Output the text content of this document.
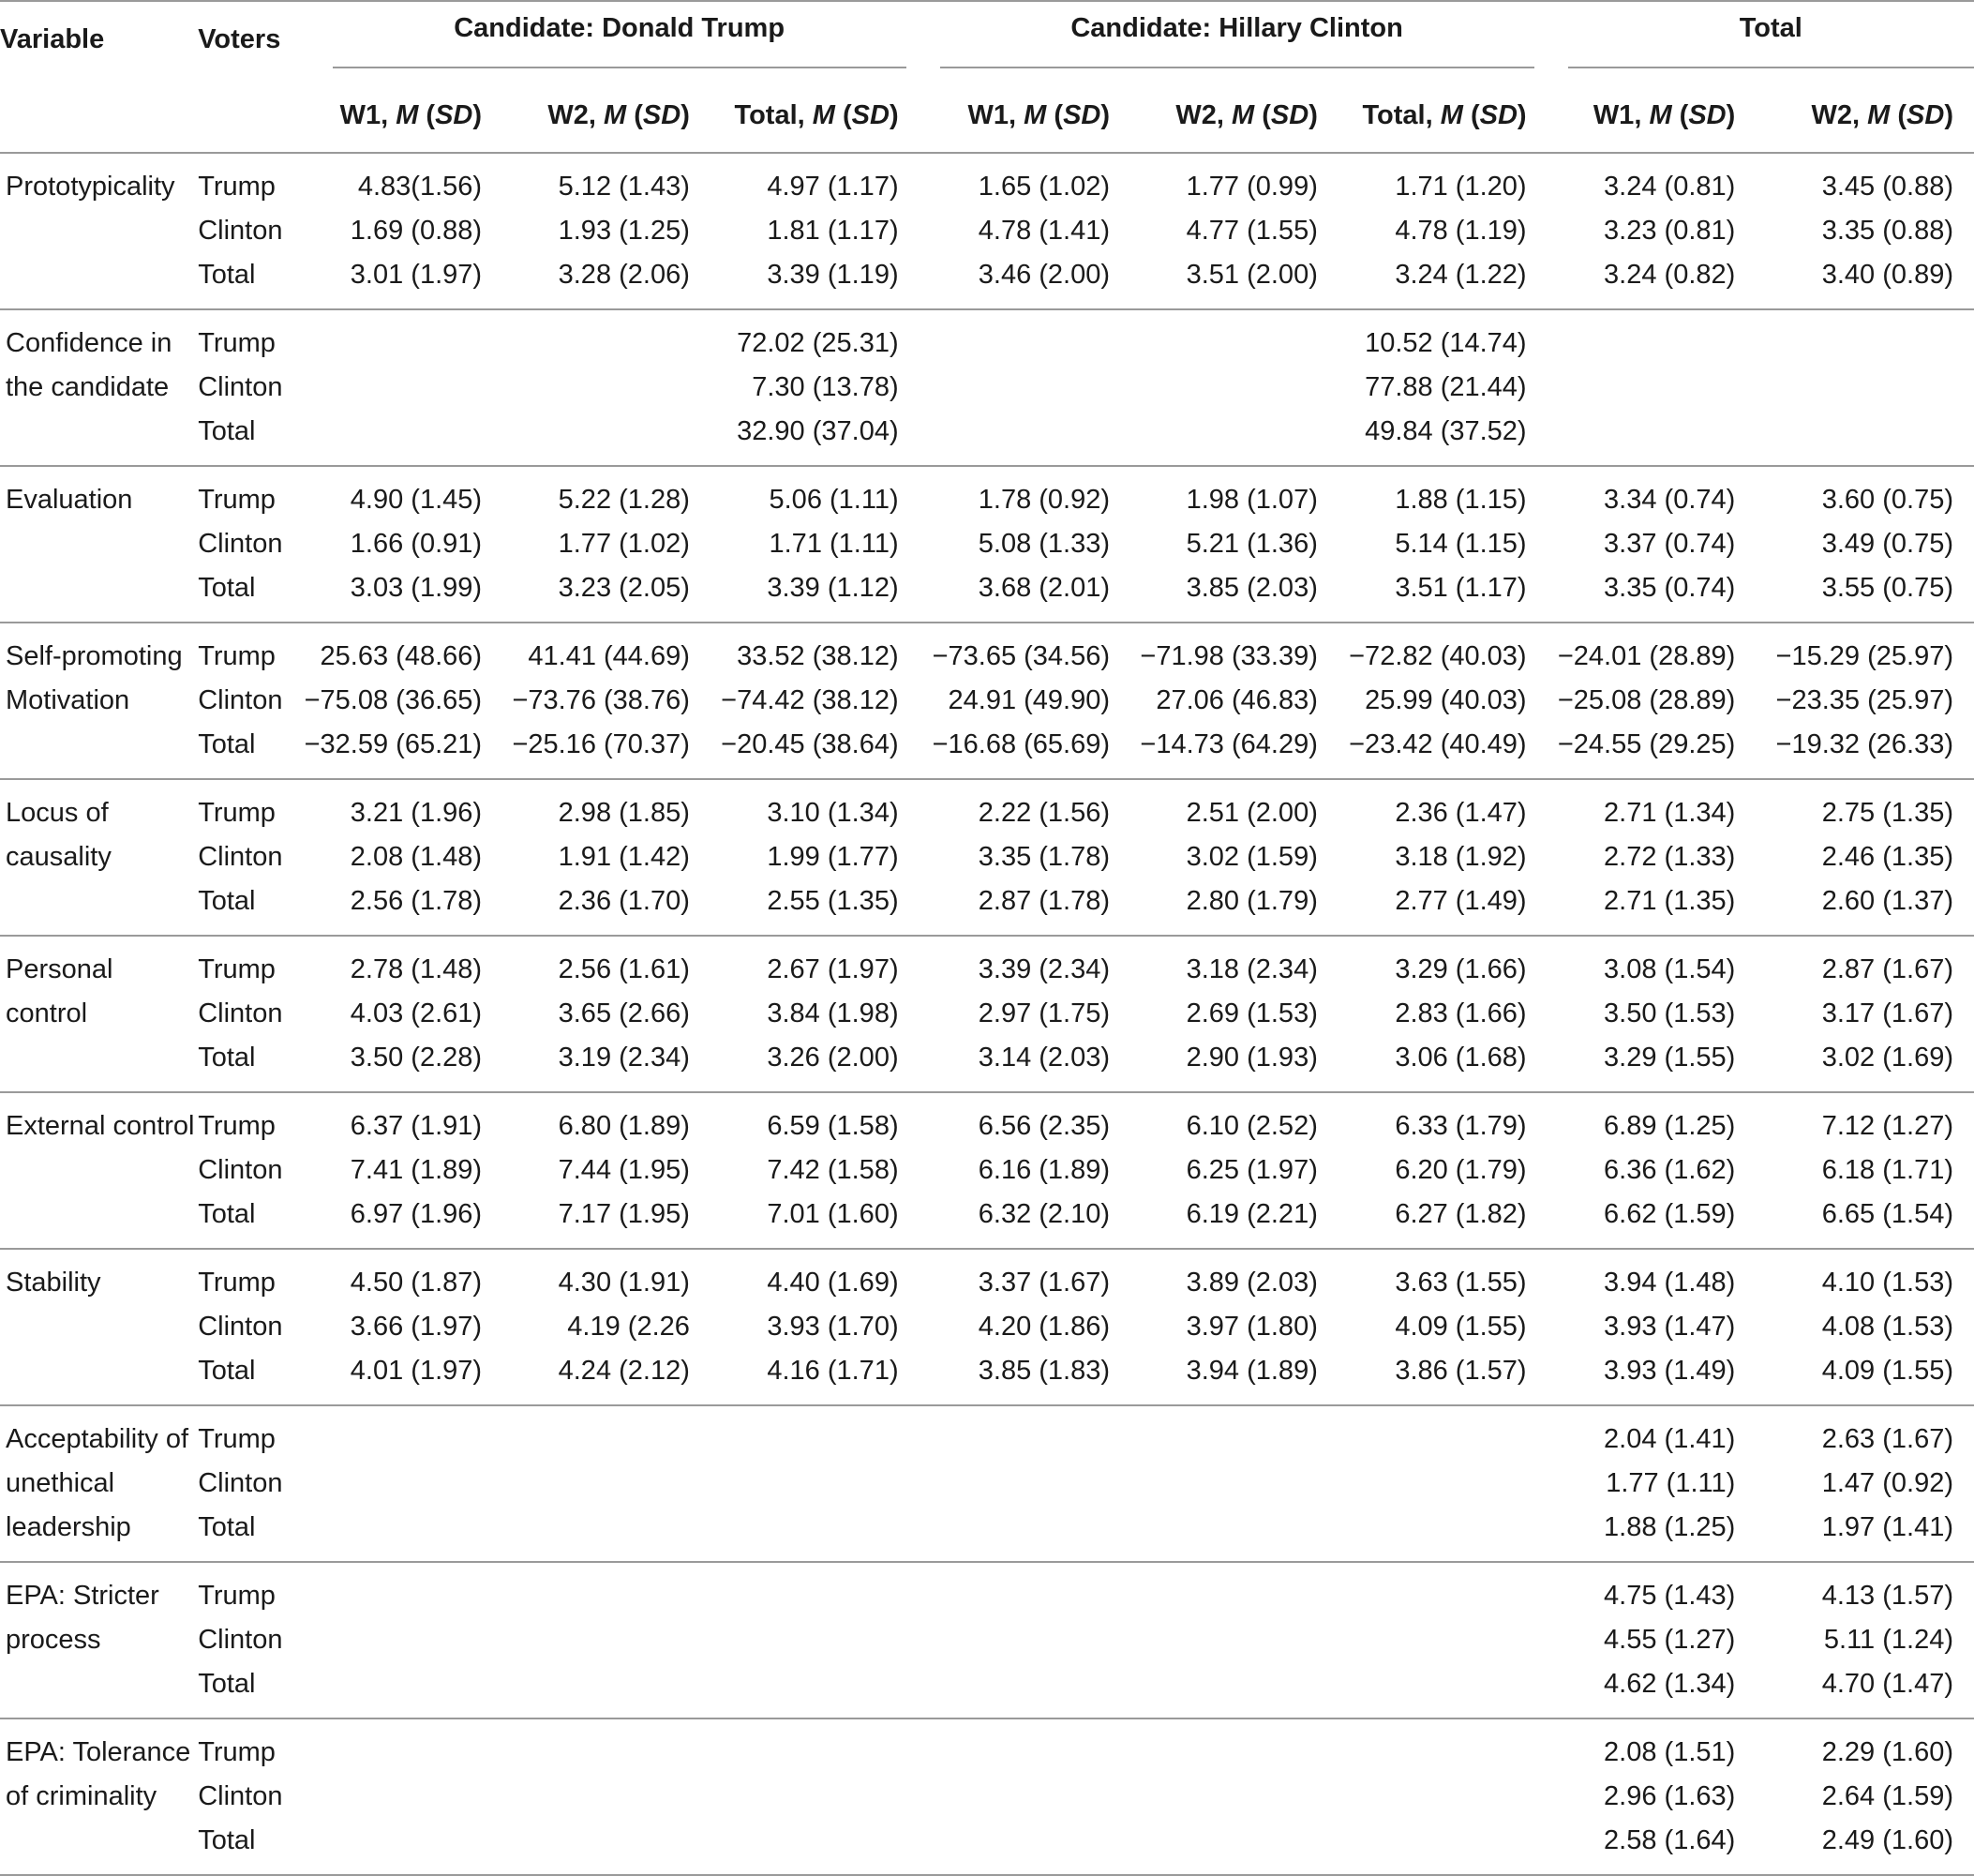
Variable	Voters	Candidate: Donald Trump			Candidate: Hillary Clinton			Total	

		W1, M (SD)	W2, M (SD)	Total, M (SD)	W1, M (SD)	W2, M (SD)	Total, M (SD)	W1, M (SD)	W2, M (SD)

Prototypicality	Trump	4.83(1.56)	5.12 (1.43)	4.97 (1.17)	1.65 (1.02)	1.77 (0.99)	1.71 (1.20)	3.24 (0.81)	3.45 (0.88)
	Clinton	1.69 (0.88)	1.93 (1.25)	1.81 (1.17)	4.78 (1.41)	4.77 (1.55)	4.78 (1.19)	3.23 (0.81)	3.35 (0.88)
	Total	3.01 (1.97)	3.28 (2.06)	3.39 (1.19)	3.46 (2.00)	3.51 (2.00)	3.24 (1.22)	3.24 (0.82)	3.40 (0.89)

Confidence in
the candidate	Trump			72.02 (25.31)			10.52 (14.74)		
	Clinton			7.30 (13.78)			77.88 (21.44)		
	Total			32.90 (37.04)			49.84 (37.52)		

Evaluation	Trump	4.90 (1.45)	5.22 (1.28)	5.06 (1.11)	1.78 (0.92)	1.98 (1.07)	1.88 (1.15)	3.34 (0.74)	3.60 (0.75)
	Clinton	1.66 (0.91)	1.77 (1.02)	1.71 (1.11)	5.08 (1.33)	5.21 (1.36)	5.14 (1.15)	3.37 (0.74)	3.49 (0.75)
	Total	3.03 (1.99)	3.23 (2.05)	3.39 (1.12)	3.68 (2.01)	3.85 (2.03)	3.51 (1.17)	3.35 (0.74)	3.55 (0.75)

Self-promoting
Motivation	Trump	25.63 (48.66)	41.41 (44.69)	33.52 (38.12)	−73.65 (34.56)	−71.98 (33.39)	−72.82 (40.03)	−24.01 (28.89)	−15.29 (25.97)
	Clinton	−75.08 (36.65)	−73.76 (38.76)	−74.42 (38.12)	24.91 (49.90)	27.06 (46.83)	25.99 (40.03)	−25.08 (28.89)	−23.35 (25.97)
	Total	−32.59 (65.21)	−25.16 (70.37)	−20.45 (38.64)	−16.68 (65.69)	−14.73 (64.29)	−23.42 (40.49)	−24.55 (29.25)	−19.32 (26.33)

Locus of
causality	Trump	3.21 (1.96)	2.98 (1.85)	3.10 (1.34)	2.22 (1.56)	2.51 (2.00)	2.36 (1.47)	2.71 (1.34)	2.75 (1.35)
	Clinton	2.08 (1.48)	1.91 (1.42)	1.99 (1.77)	3.35 (1.78)	3.02 (1.59)	3.18 (1.92)	2.72 (1.33)	2.46 (1.35)
	Total	2.56 (1.78)	2.36 (1.70)	2.55 (1.35)	2.87 (1.78)	2.80 (1.79)	2.77 (1.49)	2.71 (1.35)	2.60 (1.37)

Personal
control	Trump	2.78 (1.48)	2.56 (1.61)	2.67 (1.97)	3.39 (2.34)	3.18 (2.34)	3.29 (1.66)	3.08 (1.54)	2.87 (1.67)
	Clinton	4.03 (2.61)	3.65 (2.66)	3.84 (1.98)	2.97 (1.75)	2.69 (1.53)	2.83 (1.66)	3.50 (1.53)	3.17 (1.67)
	Total	3.50 (2.28)	3.19 (2.34)	3.26 (2.00)	3.14 (2.03)	2.90 (1.93)	3.06 (1.68)	3.29 (1.55)	3.02 (1.69)

External control	Trump	6.37 (1.91)	6.80 (1.89)	6.59 (1.58)	6.56 (2.35)	6.10 (2.52)	6.33 (1.79)	6.89 (1.25)	7.12 (1.27)
	Clinton	7.41 (1.89)	7.44 (1.95)	7.42 (1.58)	6.16 (1.89)	6.25 (1.97)	6.20 (1.79)	6.36 (1.62)	6.18 (1.71)
	Total	6.97 (1.96)	7.17 (1.95)	7.01 (1.60)	6.32 (2.10)	6.19 (2.21)	6.27 (1.82)	6.62 (1.59)	6.65 (1.54)

Stability	Trump	4.50 (1.87)	4.30 (1.91)	4.40 (1.69)	3.37 (1.67)	3.89 (2.03)	3.63 (1.55)	3.94 (1.48)	4.10 (1.53)
	Clinton	3.66 (1.97)	4.19 (2.26	3.93 (1.70)	4.20 (1.86)	3.97 (1.80)	4.09 (1.55)	3.93 (1.47)	4.08 (1.53)
	Total	4.01 (1.97)	4.24 (2.12)	4.16 (1.71)	3.85 (1.83)	3.94 (1.89)	3.86 (1.57)	3.93 (1.49)	4.09 (1.55)

Acceptability of
unethical
leadership	Trump							2.04 (1.41)	2.63 (1.67)
	Clinton							1.77 (1.11)	1.47 (0.92)
	Total							1.88 (1.25)	1.97 (1.41)

EPA: Stricter
process	Trump							4.75 (1.43)	4.13 (1.57)
	Clinton							4.55 (1.27)	5.11 (1.24)
	Total							4.62 (1.34)	4.70 (1.47)

EPA: Tolerance
of criminality	Trump							2.08 (1.51)	2.29 (1.60)
	Clinton							2.96 (1.63)	2.64 (1.59)
	Total							2.58 (1.64)	2.49 (1.60)
